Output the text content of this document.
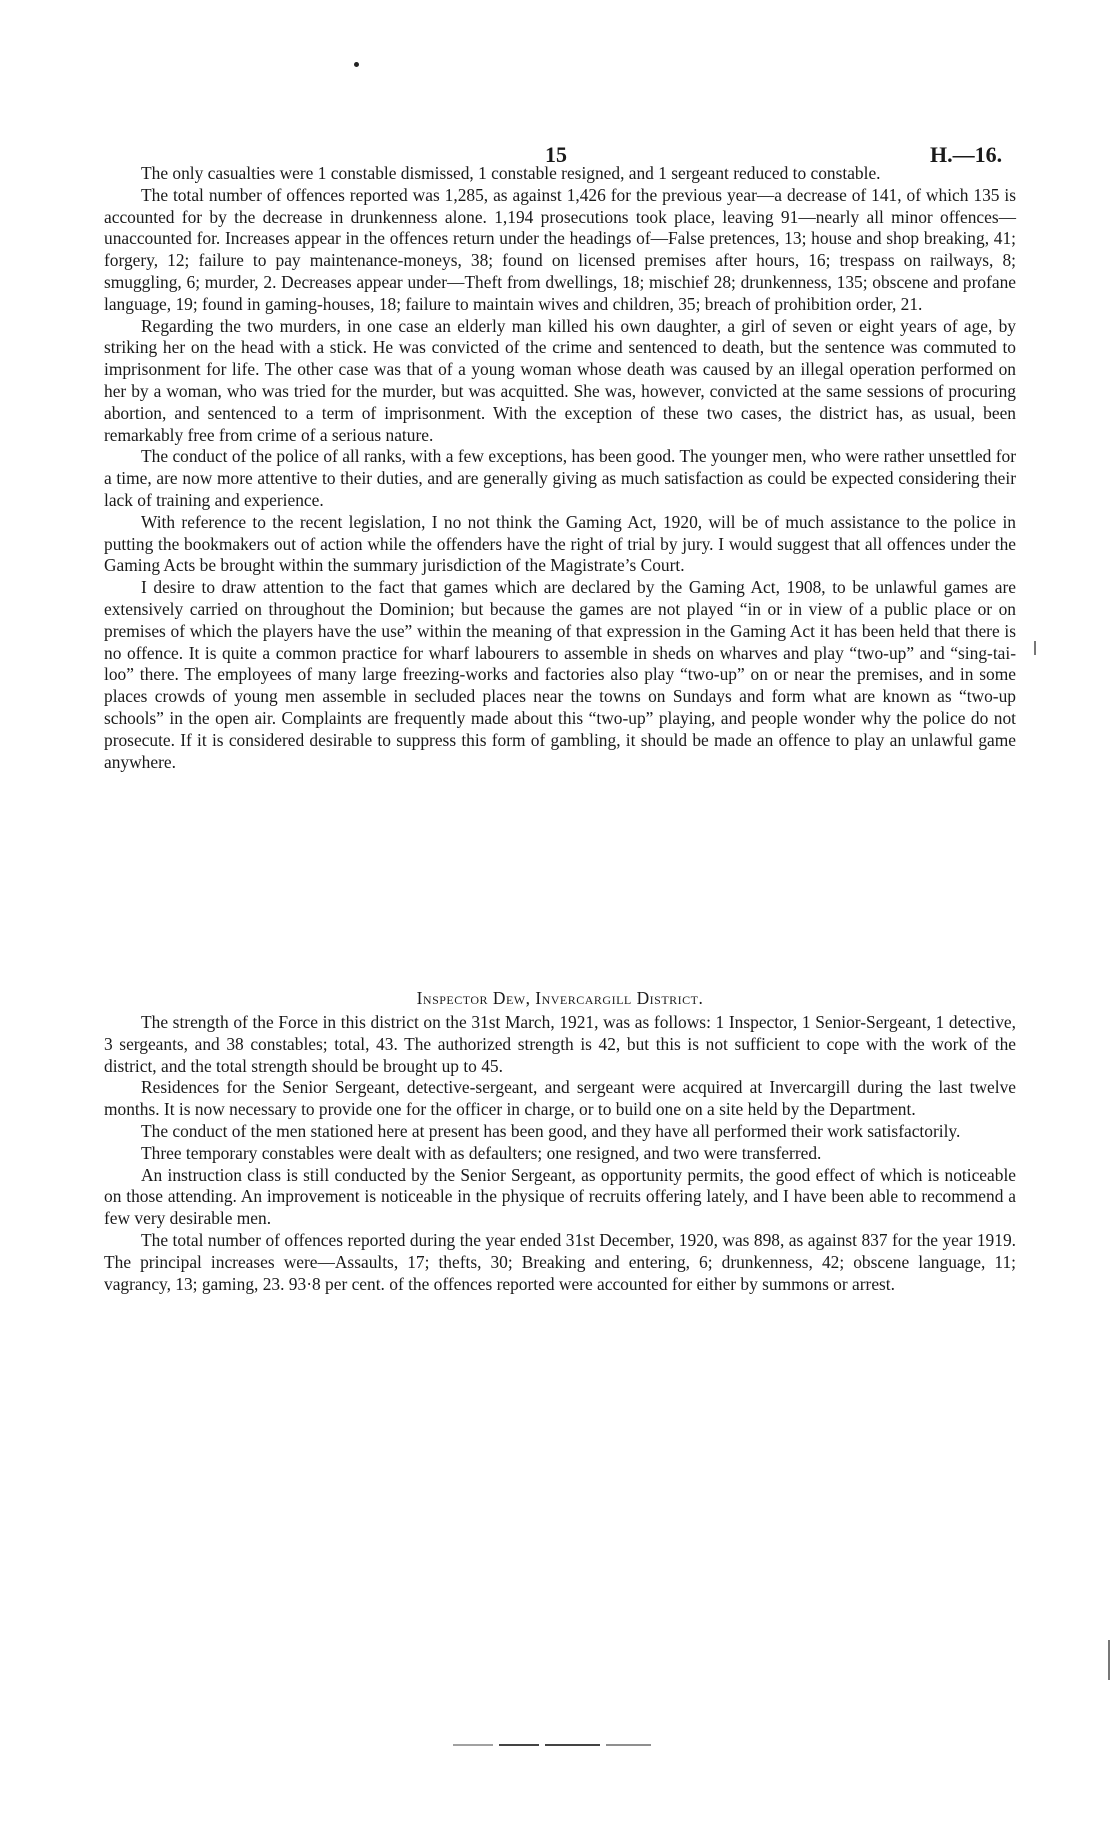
15	H.—16.

The only casualties were 1 constable dismissed, 1 constable resigned, and 1 sergeant reduced to constable.

The total number of offences reported was 1,285, as against 1,426 for the previous year—a decrease of 141, of which 135 is accounted for by the decrease in drunkenness alone. 1,194 prosecutions took place, leaving 91—nearly all minor offences—unaccounted for. Increases appear in the offences return under the headings of—False pretences, 13; house and shop breaking, 41; forgery, 12; failure to pay maintenance-moneys, 38; found on licensed premises after hours, 16; trespass on railways, 8; smuggling, 6; murder, 2. Decreases appear under—Theft from dwellings, 18; mischief 28; drunkenness, 135; obscene and profane language, 19; found in gaming-houses, 18; failure to maintain wives and children, 35; breach of prohibition order, 21.

Regarding the two murders, in one case an elderly man killed his own daughter, a girl of seven or eight years of age, by striking her on the head with a stick. He was convicted of the crime and sentenced to death, but the sentence was commuted to imprisonment for life. The other case was that of a young woman whose death was caused by an illegal operation performed on her by a woman, who was tried for the murder, but was acquitted. She was, however, convicted at the same sessions of procuring abortion, and sentenced to a term of imprisonment. With the exception of these two cases, the district has, as usual, been remarkably free from crime of a serious nature.

The conduct of the police of all ranks, with a few exceptions, has been good. The younger men, who were rather unsettled for a time, are now more attentive to their duties, and are generally giving as much satisfaction as could be expected considering their lack of training and experience.

With reference to the recent legislation, I no not think the Gaming Act, 1920, will be of much assistance to the police in putting the bookmakers out of action while the offenders have the right of trial by jury. I would suggest that all offences under the Gaming Acts be brought within the summary jurisdiction of the Magistrate’s Court.

I desire to draw attention to the fact that games which are declared by the Gaming Act, 1908, to be unlawful games are extensively carried on throughout the Dominion; but because the games are not played “in or in view of a public place or on premises of which the players have the use” within the meaning of that expression in the Gaming Act it has been held that there is no offence. It is quite a common practice for wharf labourers to assemble in sheds on wharves and play “two-up” and “sing-tai-loo” there. The employees of many large freezing-works and factories also play “two-up” on or near the premises, and in some places crowds of young men assemble in secluded places near the towns on Sundays and form what are known as “two-up schools” in the open air. Complaints are frequently made about this “two-up” playing, and people wonder why the police do not prosecute. If it is considered desirable to suppress this form of gambling, it should be made an offence to play an unlawful game anywhere.

Inspector Dew, Invercargill District.

The strength of the Force in this district on the 31st March, 1921, was as follows: 1 Inspector, 1 Senior-Sergeant, 1 detective, 3 sergeants, and 38 constables; total, 43. The authorized strength is 42, but this is not sufficient to cope with the work of the district, and the total strength should be brought up to 45.

Residences for the Senior Sergeant, detective-sergeant, and sergeant were acquired at Invercargill during the last twelve months. It is now necessary to provide one for the officer in charge, or to build one on a site held by the Department.

The conduct of the men stationed here at present has been good, and they have all performed their work satisfactorily.

Three temporary constables were dealt with as defaulters; one resigned, and two were transferred.

An instruction class is still conducted by the Senior Sergeant, as opportunity permits, the good effect of which is noticeable on those attending. An improvement is noticeable in the physique of recruits offering lately, and I have been able to recommend a few very desirable men.

The total number of offences reported during the year ended 31st December, 1920, was 898, as against 837 for the year 1919. The principal increases were—Assaults, 17; thefts, 30; Breaking and entering, 6; drunkenness, 42; obscene language, 11; vagrancy, 13; gaming, 23. 93·8 per cent. of the offences reported were accounted for either by summons or arrest.
